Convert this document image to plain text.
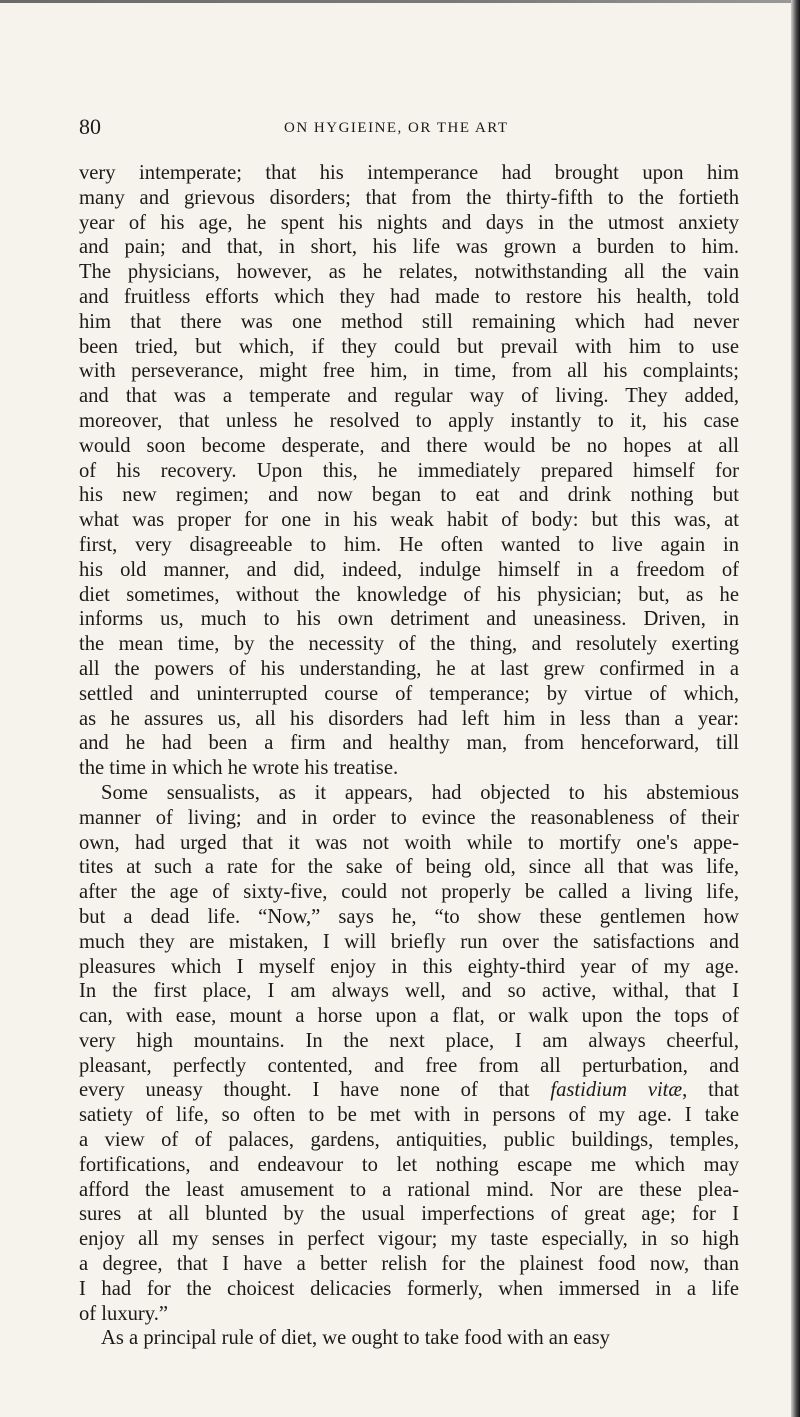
80	ON HYGIEINE, OR THE ART

very intemperate; that his intemperance had brought upon him
many and grievous disorders; that from the thirty-fifth to the fortieth
year of his age, he spent his nights and days in the utmost anxiety
and pain; and that, in short, his life was grown a burden to him.
The physicians, however, as he relates, notwithstanding all the vain
and fruitless efforts which they had made to restore his health, told
him that there was one method still remaining which had never
been tried, but which, if they could but prevail with him to use
with perseverance, might free him, in time, from all his complaints;
and that was a temperate and regular way of living. They added,
moreover, that unless he resolved to apply instantly to it, his case
would soon become desperate, and there would be no hopes at all
of his recovery. Upon this, he immediately prepared himself for
his new regimen; and now began to eat and drink nothing but
what was proper for one in his weak habit of body: but this was, at
first, very disagreeable to him. He often wanted to live again in
his old manner, and did, indeed, indulge himself in a freedom of
diet sometimes, without the knowledge of his physician; but, as he
informs us, much to his own detriment and uneasiness. Driven, in
the mean time, by the necessity of the thing, and resolutely exerting
all the powers of his understanding, he at last grew confirmed in a
settled and uninterrupted course of temperance; by virtue of which,
as he assures us, all his disorders had left him in less than a year:
and he had been a firm and healthy man, from henceforward, till
the time in which he wrote his treatise.

Some sensualists, as it appears, had objected to his abstemious
manner of living; and in order to evince the reasonableness of their
own, had urged that it was not woith while to mortify one's appe-
tites at such a rate for the sake of being old, since all that was life,
after the age of sixty-five, could not properly be called a living life,
but a dead life. “Now,” says he, “to show these gentlemen how
much they are mistaken, I will briefly run over the satisfactions and
pleasures which I myself enjoy in this eighty-third year of my age.
In the first place, I am always well, and so active, withal, that I
can, with ease, mount a horse upon a flat, or walk upon the tops of
very high mountains. In the next place, I am always cheerful,
pleasant, perfectly contented, and free from all perturbation, and
every uneasy thought. I have none of that fastidium vitæ, that
satiety of life, so often to be met with in persons of my age. I take
a view of of palaces, gardens, antiquities, public buildings, temples,
fortifications, and endeavour to let nothing escape me which may
afford the least amusement to a rational mind. Nor are these plea-
sures at all blunted by the usual imperfections of great age; for I
enjoy all my senses in perfect vigour; my taste especially, in so high
a degree, that I have a better relish for the plainest food now, than
I had for the choicest delicacies formerly, when immersed in a life
of luxury.”

As a principal rule of diet, we ought to take food with an easy
